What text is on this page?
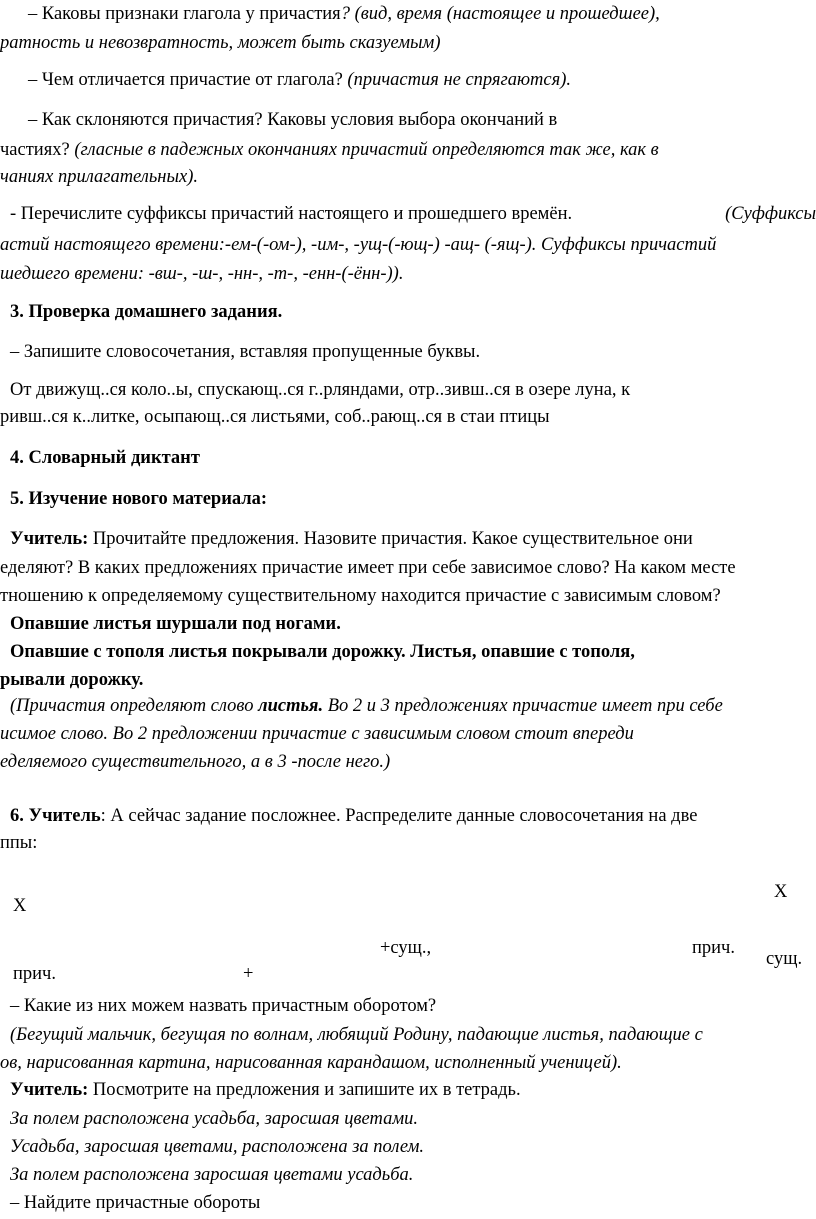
– Каковы признаки глагола у причастия? (вид, время (настоящее и прошедшее),
ратность и невозвратность, может быть сказуемым)
– Чем отличается причастие от глагола? (причастия не спрягаются).
– Как склоняются причастия? Каковы условия выбора окончаний в
частиях? (гласные в падежных окончаниях причастий определяются так же, как в
чаниях прилагательных).
- Перечислите суффиксы причастий настоящего и прошедшего времён.	(Суффиксы
астий настоящего времени:-ем-(-ом-), -им-, -ущ-(-ющ-) -ащ- (-ящ-). Суффиксы причастий
шедшего времени: -вш-, -ш-, -нн-, -т-, -енн-(-ённ-)).
3. Проверка домашнего задания.
– Запишите словосочетания, вставляя пропущенные буквы.
От движущ..ся коло..ы, спускающ..ся г..рляндами, отр..зивш..ся в озере луна, к
ривш..ся к..литке, осыпающ..ся листьями, соб..рающ..ся в стаи птицы
4. Словарный диктант
5. Изучение нового материала:
Учитель: Прочитайте предложения. Назовите причастия. Какое существительное они
еделяют? В каких предложениях причастие имеет при себе зависимое слово? На каком месте
тношению к определяемому существительному находится причастие с зависимым словом?
Опавшие листья шуршали под ногами.
Опавшие с тополя листья покрывали дорожку. Листья, опавшие с тополя,
рывали дорожку.
(Причастия определяют слово листья. Во 2 и 3 предложениях причастие имеет при себе
исимое слово. Во 2 предложении причастие с зависимым словом стоит впереди
еделяемого существительного, а в 3 -после него.)
6. Учитель: А сейчас задание посложнее. Распределите данные словосочетания на две
ппы:
Х
Х
+сущ.,	прич.
сущ.
прич.	+
– Какие из них можем назвать причастным оборотом?
(Бегущий мальчик, бегущая по волнам, любящий Родину, падающие листья, падающие с
ов, нарисованная картина, нарисованная карандашом, исполненный ученицей).
Учитель: Посмотрите на предложения и запишите их в тетрадь.
За полем расположена усадьба, заросшая цветами.
Усадьба, заросшая цветами, расположена за полем.
За полем расположена заросшая цветами усадьба.
– Найдите причастные обороты
